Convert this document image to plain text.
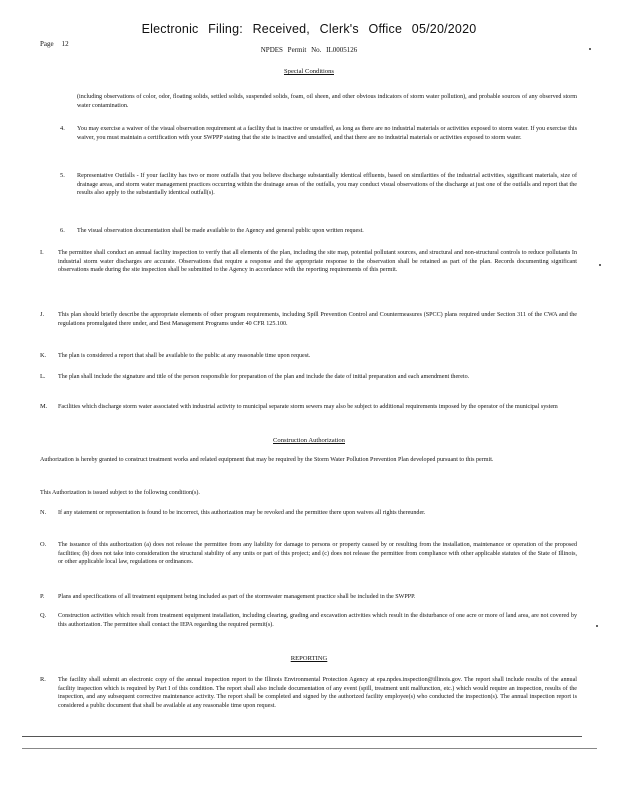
Electronic Filing: Received, Clerk's Office 05/20/2020
Page 12
NPDES Permit No. IL0005126
Special Conditions
(including observations of color, odor, floating solids, settled solids, suspended solids, foam, oil sheen, and other obvious indicators of storm water pollution), and probable sources of any observed storm water contamination.
4. You may exercise a waiver of the visual observation requirement at a facility that is inactive or unstaffed, as long as there are no industrial materials or activities exposed to storm water. If you exercise this waiver, you must maintain a certification with your SWPPP stating that the site is inactive and unstaffed, and that there are no industrial materials or activities exposed to storm water.
5. Representative Outfalls - If your facility has two or more outfalls that you believe discharge substantially identical effluents, based on similarities of the industrial activities, significant materials, size of drainage areas, and storm water management practices occurring within the drainage areas of the outfalls, you may conduct visual observations of the discharge at just one of the outfalls and report that the results also apply to the substantially identical outfall(s).
6. The visual observation documentation shall be made available to the Agency and general public upon written request.
I. The permittee shall conduct an annual facility inspection to verify that all elements of the plan, including the site map, potential pollutant sources, and structural and non-structural controls to reduce pollutants In industrial storm water discharges are accurate. Observations that require a response and the appropriate response to the observation shall be retained as part of the plan. Records documenting significant observations made during the site inspection shall be submitted to the Agency in accordance with the reporting requirements of this permit.
J. This plan should briefly describe the appropriate elements of other program requirements, including Spill Prevention Control and Countermeasures (SPCC) plans required under Section 311 of the CWA and the regulations promulgated there under, and Best Management Programs under 40 CFR 125.100.
K. The plan is considered a report that shall be available to the public at any reasonable time upon request.
L. The plan shall include the signature and title of the person responsible for preparation of the plan and include the date of initial preparation and each amendment thereto.
M. Facilities which discharge storm water associated with industrial activity to municipal separate storm sewers may also be subject to additional requirements imposed by the operator of the municipal system
Construction Authorization
Authorization is hereby granted to construct treatment works and related equipment that may be required by the Storm Water Pollution Prevention Plan developed pursuant to this permit.
This Authorization is issued subject to the following condition(s).
N. If any statement or representation is found to be incorrect, this authorization may be revoked and the permittee there upon waives all rights thereunder.
O. The issuance of this authorization (a) does not release the permittee from any liability for damage to persons or property caused by or resulting from the installation, maintenance or operation of the proposed facilities; (b) does not take into consideration the structural stability of any units or part of this project; and (c) does not release the permittee from compliance with other applicable statutes of the State of Illinois, or other applicable local law, regulations or ordinances.
P. Plans and specifications of all treatment equipment being included as part of the stormwater management practice shall be included in the SWPPP.
Q. Construction activities which result from treatment equipment installation, including clearing, grading and excavation activities which result in the disturbance of one acre or more of land area, are not covered by this authorization. The permittee shall contact the IEPA regarding the required permit(s).
REPORTING
R. The facility shall submit an electronic copy of the annual inspection report to the Illinois Environmental Protection Agency at epa.npdes.inspection@illinois.gov. The report shall include results of the annual facility inspection which is required by Part I of this condition. The report shall also include documentation of any event (spill, treatment unit malfunction, etc.) which would require an inspection, results of the inspection, and any subsequent corrective maintenance activity. The report shall be completed and signed by the authorized facility employee(s) who conducted the inspection(s). The annual inspection report is considered a public document that shall be available at any reasonable time upon request.
